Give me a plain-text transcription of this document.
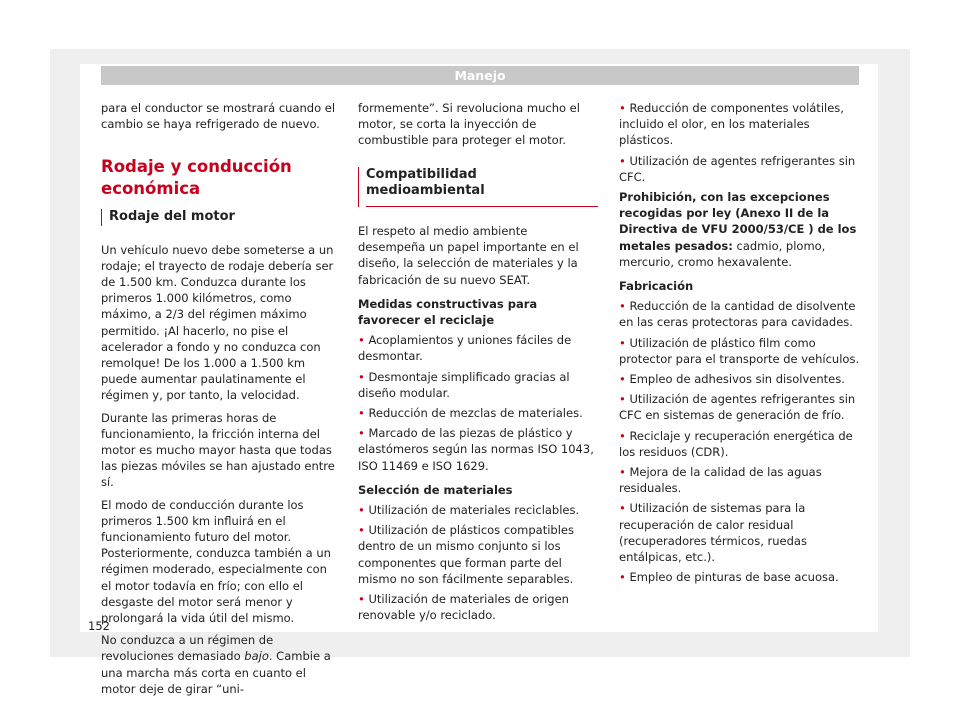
Manejo

para el conductor se mostrará cuando el cambio se haya refrigerado de nuevo.

Rodaje y conducción económica
Rodaje del motor

Un vehículo nuevo debe someterse a un rodaje; el trayecto de rodaje debería ser de 1.500 km. Conduzca durante los primeros 1.000 kilómetros, como máximo, a 2/3 del régimen máximo permitido. ¡Al hacerlo, no pise el acelerador a fondo y no conduzca con remolque! De los 1.000 a 1.500 km puede aumentar paulatinamente el régimen y, por tanto, la velocidad.

Durante las primeras horas de funcionamiento, la fricción interna del motor es mucho mayor hasta que todas las piezas móviles se han ajustado entre sí.

El modo de conducción durante los primeros 1.500 km influirá en el funcionamiento futuro del motor. Posteriormente, conduzca también a un régimen moderado, especialmente con el motor todavía en frío; con ello el desgaste del motor será menor y prolongará la vida útil del mismo.

No conduzca a un régimen de revoluciones demasiado bajo. Cambie a una marcha más corta en cuanto el motor deje de girar “uni-

formemente”. Si revoluciona mucho el motor, se corta la inyección de combustible para proteger el motor.

Compatibilidad medioambiental

El respeto al medio ambiente desempeña un papel importante en el diseño, la selección de materiales y la fabricación de su nuevo SEAT.

Medidas constructivas para favorecer el reciclaje
• Acoplamientos y uniones fáciles de desmontar.
• Desmontaje simplificado gracias al diseño modular.
• Reducción de mezclas de materiales.
• Marcado de las piezas de plástico y elastómeros según las normas ISO 1043, ISO 11469 e ISO 1629.
Selección de materiales
• Utilización de materiales reciclables.
• Utilización de plásticos compatibles dentro de un mismo conjunto si los componentes que forman parte del mismo no son fácilmente separables.
• Utilización de materiales de origen renovable y/o reciclado.
• Reducción de componentes volátiles, incluido el olor, en los materiales plásticos.
• Utilización de agentes refrigerantes sin CFC.

Prohibición, con las excepciones recogidas por ley (Anexo II de la Directiva de VFU 2000/53/CE ) de los metales pesados: cadmio, plomo, mercurio, cromo hexavalente.

Fabricación
• Reducción de la cantidad de disolvente en las ceras protectoras para cavidades.
• Utilización de plástico film como protector para el transporte de vehículos.
• Empleo de adhesivos sin disolventes.
• Utilización de agentes refrigerantes sin CFC en sistemas de generación de frío.
• Reciclaje y recuperación energética de los residuos (CDR).
• Mejora de la calidad de las aguas residuales.
• Utilización de sistemas para la recuperación de calor residual (recuperadores térmicos, ruedas entálpicas, etc.).
• Empleo de pinturas de base acuosa.
152
